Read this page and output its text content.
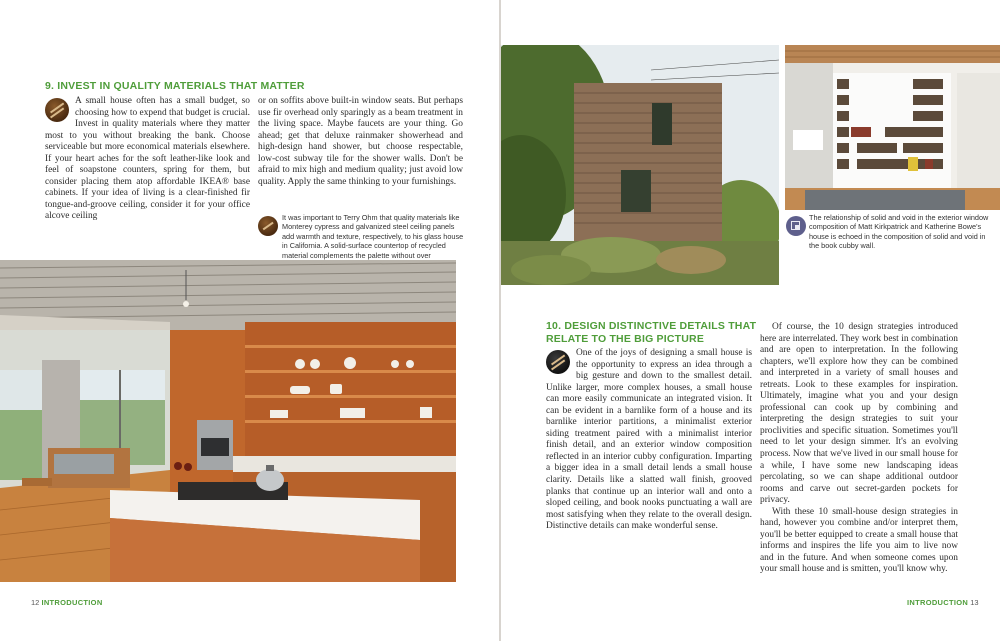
9. INVEST IN QUALITY MATERIALS THAT MATTER
A small house often has a small budget, so choosing how to expend that budget is crucial. Invest in quality materials where they matter most to you without breaking the bank. Choose serviceable but more economical materials elsewhere. If your heart aches for the soft leather-like look and feel of soapstone counters, spring for them, but consider placing them atop affordable IKEA® base cabinets. If your idea of living is a clear-finished fir tongue-and-groove ceiling, consider it for your office alcove ceiling
or on soffits above built-in window seats. But perhaps use fir overhead only sparingly as a beam treatment in the living space. Maybe faucets are your thing. Go ahead; get that deluxe rainmaker showerhead and high-design hand shower, but choose respectable, low-cost subway tile for the shower walls. Don't be afraid to mix high and medium quality; just avoid low quality. Apply the same thinking to your furnishings.

It was important to Terry Ohm that quality materials like Monterey cypress and galvanized steel ceiling panels add warmth and texture, respectively, to his glass house in California. A solid-surface countertop of recycled material complements the palette without over

12 INTRODUCTION

The relationship of solid and void in the exterior window composition of Matt Kirkpatrick and Katherine Bowe's house is echoed in the composition of solid and void in the book cubby wall.

10. DESIGN DISTINCTIVE DETAILS THAT
RELATE TO THE BIG PICTURE
One of the joys of designing a small house is the opportunity to express an idea through a big gesture and down to the smallest detail. Unlike larger, more complex houses, a small house can more easily communicate an integrated vision. It can be evident in a barnlike form of a house and its barnlike interior partitions, a minimalist exterior siding treatment paired with a minimalist interior finish detail, and an exterior window composition reflected in an interior cubby configuration. Imparting a bigger idea in a small detail lends a small house clarity. Details like a slatted wall finish, grooved planks that continue up an interior wall and onto a sloped ceiling, and book nooks punctuating a wall are most satisfying when they relate to the overall design. Distinctive details can make wonderful sense.

Of course, the 10 design strategies introduced here are interrelated. They work best in combination and are open to interpretation. In the following chapters, we'll explore how they can be combined and interpreted in a variety of small houses and retreats. Look to these examples for inspiration. Ultimately, imagine what you and your design professional can cook up by combining and interpreting the design strategies to suit your proclivities and specific situation. Sometimes you'll need to let your design simmer. It's an evolving process. Now that we've lived in our small house for a while, I have some new landscaping ideas percolating, so we can shape additional outdoor rooms and carve out secret-garden pockets for privacy.

With these 10 small-house design strategies in hand, however you combine and/or interpret them, you'll be better equipped to create a small house that informs and inspires the life you aim to live now and in the future. And when someone comes upon your small house and is smitten, you'll know why.

INTRODUCTION 13
